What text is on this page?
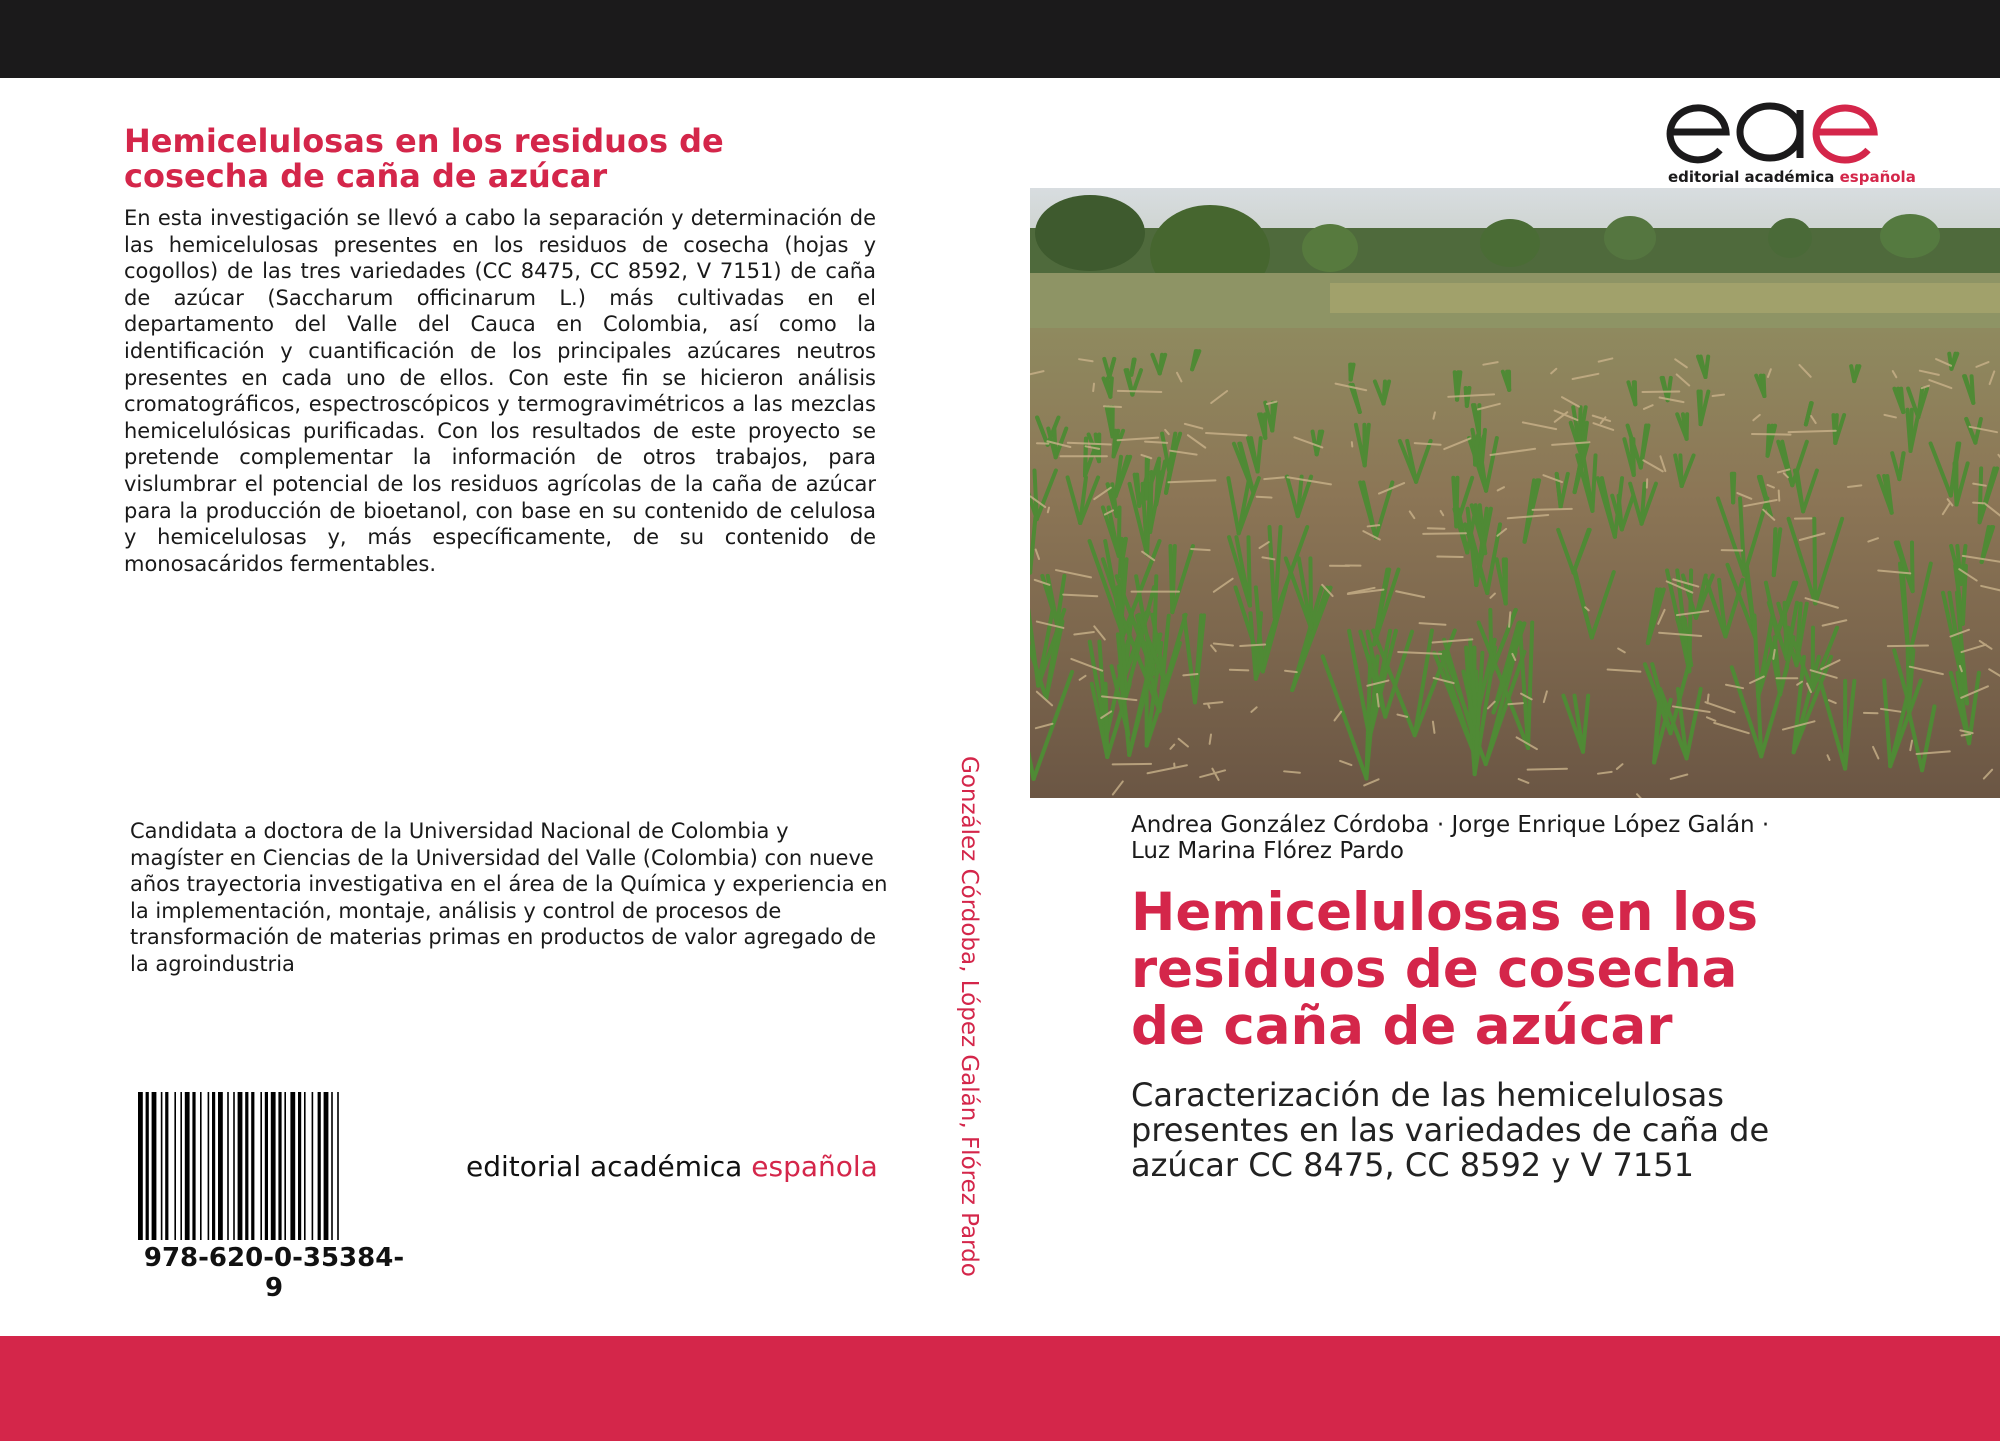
Hemicelulosas en los residuos de
cosecha de caña de azúcar
En esta investigación se llevó a cabo la separación y determinación de las hemicelulosas presentes en los residuos de cosecha (hojas y cogollos) de las tres variedades (CC 8475, CC 8592, V 7151) de caña de azúcar (Saccharum officinarum L.) más cultivadas en el departamento del Valle del Cauca en Colombia, así como la identificación y cuantificación de los principales azúcares neutros presentes en cada uno de ellos. Con este fin se hicieron análisis cromatográficos, espectroscópicos y termogravimétricos a las mezclas hemicelulósicas purificadas. Con los resultados de este proyecto se pretende complementar la información de otros trabajos, para vislumbrar el potencial de los residuos agrícolas de la caña de azúcar para la producción de bioetanol, con base en su contenido de celulosa y hemicelulosas y, más específicamente, de su contenido de monosacáridos fermentables.
Candidata a doctora de la Universidad Nacional de Colombia y
magíster en Ciencias de la Universidad del Valle (Colombia) con nueve
años trayectoria investigativa en el área de la Química y experiencia en
la implementación, montaje, análisis y control de procesos de
transformación de materias primas en productos de valor agregado de
la agroindustria
978-620-0-35384-9
editorial académica española	González Córdoba, López Galán, Flórez Pardo
editorial académica española
Andrea González Córdoba · Jorge Enrique López Galán ·
Luz Marina Flórez Pardo
Hemicelulosas en los
residuos de cosecha
de caña de azúcar
Caracterización de las hemicelulosas
presentes en las variedades de caña de
azúcar CC 8475, CC 8592 y V 7151
